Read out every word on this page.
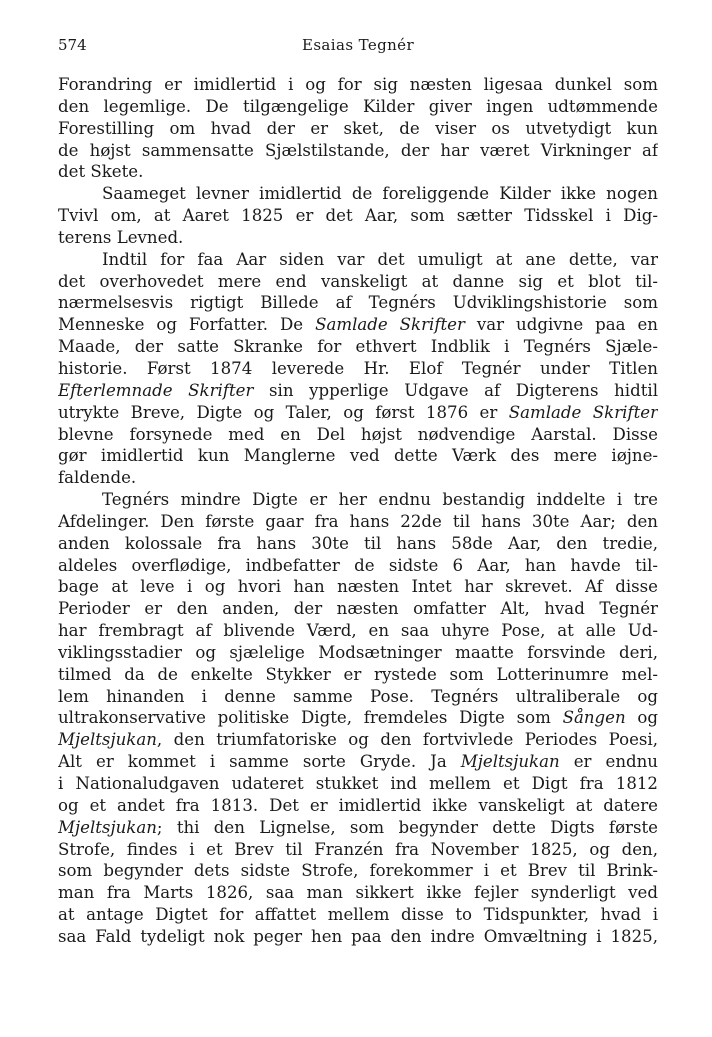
574	Esaias Tegnér
Forandring er imidlertid i og for sig næsten ligesaa dunkel som
den legemlige. De tilgængelige Kilder giver ingen udtømmende
Forestilling om hvad der er sket, de viser os utvetydigt kun
de højst sammensatte Sjælstilstande, der har været Virkninger af
det Skete.
Saameget levner imidlertid de foreliggende Kilder ikke nogen
Tvivl om, at Aaret 1825 er det Aar, som sætter Tidsskel i Dig-
terens Levned.
Indtil for faa Aar siden var det umuligt at ane dette, var
det overhovedet mere end vanskeligt at danne sig et blot til-
nærmelsesvis rigtigt Billede af Tegnérs Udviklingshistorie som
Menneske og Forfatter. De Samlade Skrifter var udgivne paa en
Maade, der satte Skranke for ethvert Indblik i Tegnérs Sjæle-
historie. Først 1874 leverede Hr. Elof Tegnér under Titlen
Efterlemnade Skrifter sin ypperlige Udgave af Digterens hidtil
utrykte Breve, Digte og Taler, og først 1876 er Samlade Skrifter
blevne forsynede med en Del højst nødvendige Aarstal. Disse
gør imidlertid kun Manglerne ved dette Værk des mere iøjne-
faldende.
Tegnérs mindre Digte er her endnu bestandig inddelte i tre
Afdelinger. Den første gaar fra hans 22de til hans 30te Aar; den
anden kolossale fra hans 30te til hans 58de Aar, den tredie,
aldeles overflødige, indbefatter de sidste 6 Aar, han havde til-
bage at leve i og hvori han næsten Intet har skrevet. Af disse
Perioder er den anden, der næsten omfatter Alt, hvad Tegnér
har frembragt af blivende Værd, en saa uhyre Pose, at alle Ud-
viklingsstadier og sjælelige Modsætninger maatte forsvinde deri,
tilmed da de enkelte Stykker er rystede som Lotterinumre mel-
lem hinanden i denne samme Pose. Tegnérs ultraliberale og
ultrakonservative politiske Digte, fremdeles Digte som Sången og
Mjeltsjukan, den triumfatoriske og den fortvivlede Periodes Poesi,
Alt er kommet i samme sorte Gryde. Ja Mjeltsjukan er endnu
i Nationaludgaven udateret stukket ind mellem et Digt fra 1812
og et andet fra 1813. Det er imidlertid ikke vanskeligt at datere
Mjeltsjukan; thi den Lignelse, som begynder dette Digts første
Strofe, findes i et Brev til Franzén fra November 1825, og den,
som begynder dets sidste Strofe, forekommer i et Brev til Brink-
man fra Marts 1826, saa man sikkert ikke fejler synderligt ved
at antage Digtet for affattet mellem disse to Tidspunkter, hvad i
saa Fald tydeligt nok peger hen paa den indre Omvæltning i 1825,
